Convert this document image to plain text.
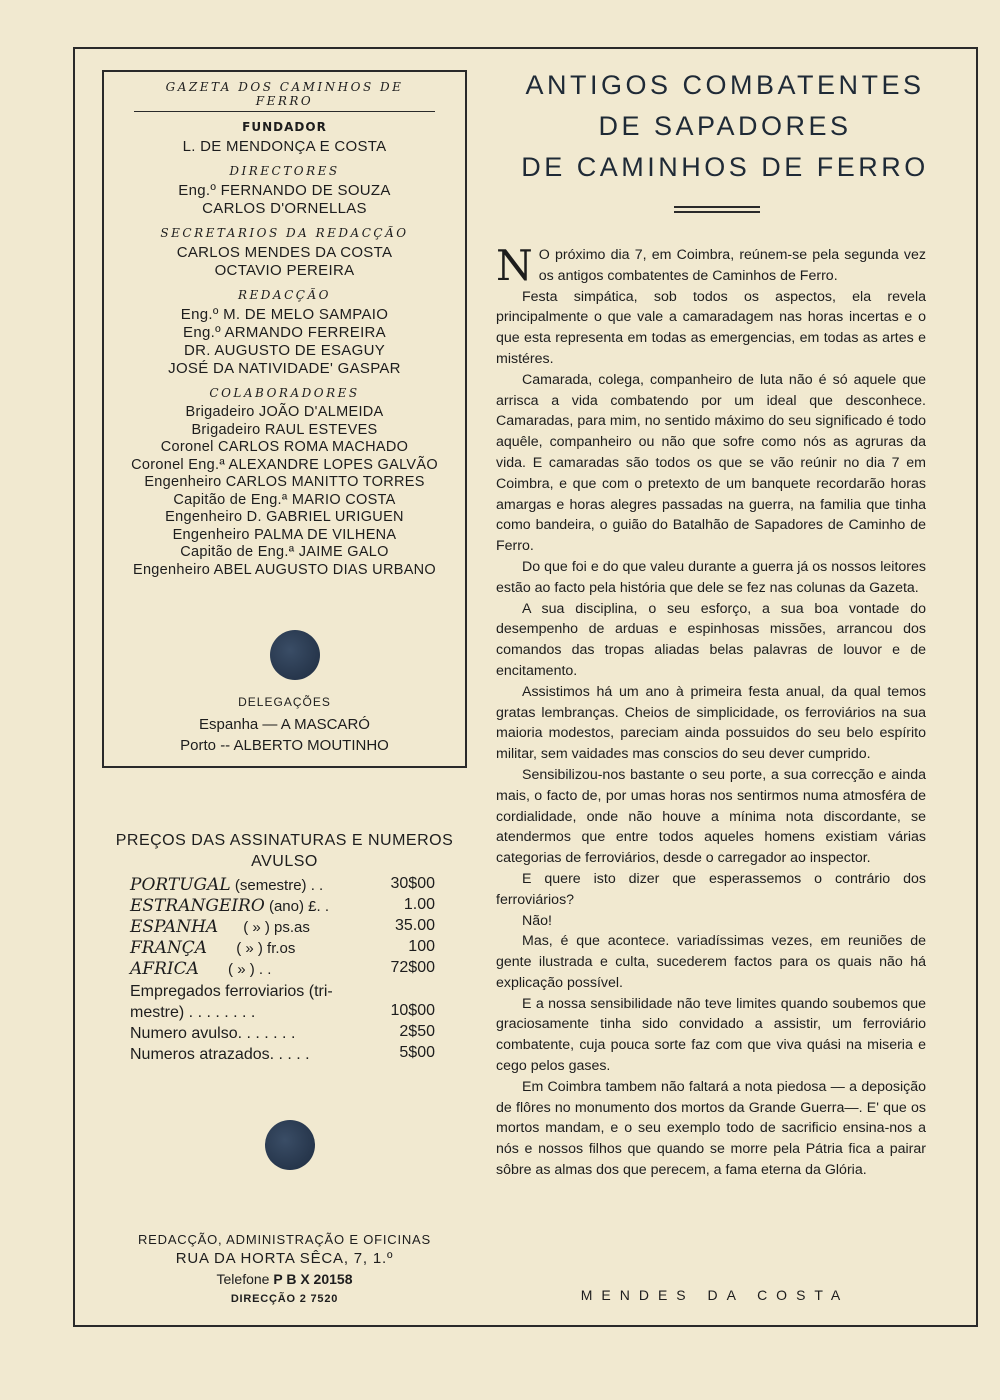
GAZETA DOS CAMINHOS DE FERRO
FUNDADOR
L. DE MENDONÇA E COSTA
DIRECTORES
Eng.º FERNANDO DE SOUZA
CARLOS D'ORNELLAS
SECRETARIOS DA REDACÇÃO
CARLOS MENDES DA COSTA
OCTAVIO PEREIRA
REDACÇÃO
Eng.º M. DE MELO SAMPAIO
Eng.º ARMANDO FERREIRA
DR. AUGUSTO DE ESAGUY
JOSÉ DA NATIVIDADE' GASPAR
COLABORADORES
Brigadeiro JOÃO D'ALMEIDA
Brigadeiro RAUL ESTEVES
Coronel CARLOS ROMA MACHADO
Coronel Eng.ª ALEXANDRE LOPES GALVÃO
Engenheiro CARLOS MANITTO TORRES
Capitão de Eng.ª MARIO COSTA
Engenheiro D. GABRIEL URIGUEN
Engenheiro PALMA DE VILHENA
Capitão de Eng.ª JAIME GALO
Engenheiro ABEL AUGUSTO DIAS URBANO
DELEGAÇÕES
Espanha — A MASCARÓ
Porto -- ALBERTO MOUTINHO
PREÇOS DAS ASSINATURAS E NUMEROS
AVULSO
PORTUGAL (semestre) . .	30$00
ESTRANGEIRO (ano) £. .	1.00
ESPANHA      ( » ) ps.as	35.00
FRANÇA       ( » ) fr.os	100
AFRICA       ( » ) . .	72$00
Empregados ferroviarios (tri-
mestre) . . . . . . . .	10$00
Numero avulso. . . . . . .	2$50
Numeros atrazados. . . . .	5$00
REDACÇÃO, ADMINISTRAÇÃO E OFICINAS
RUA DA HORTA SÊCA, 7, 1.º
Telefone P B X 20158
DIRECÇÃO 2 7520
ANTIGOS COMBATENTES
DE SAPADORES
DE CAMINHOS DE FERRO

N O próximo dia 7, em Coimbra, reúnem-se pela segunda vez os antigos combatentes de Caminhos de Ferro.

Festa simpática, sob todos os aspectos, ela revela principalmente o que vale a camaradagem nas horas incertas e o que esta representa em todas as emergencias, em todas as artes e mistéres.

Camarada, colega, companheiro de luta não é só aquele que arrisca a vida combatendo por um ideal que desconhece. Camaradas, para mim, no sentido máximo do seu significado é todo aquêle, companheiro ou não que sofre como nós as agruras da vida. E camaradas são todos os que se vão reúnir no dia 7 em Coimbra, e que com o pretexto de um banquete recordarão horas amargas e horas alegres passadas na guerra, na familia que tinha como bandeira, o guião do Batalhão de Sapadores de Caminho de Ferro.

Do que foi e do que valeu durante a guerra já os nossos leitores estão ao facto pela história que dele se fez nas colunas da Gazeta.

A sua disciplina, o seu esforço, a sua boa vontade do desempenho de arduas e espinhosas missões, arrancou dos comandos das tropas aliadas belas palavras de louvor e de encitamento.

Assistimos há um ano à primeira festa anual, da qual temos gratas lembranças. Cheios de simplicidade, os ferroviários na sua maioria modestos, pareciam ainda possuidos do seu belo espírito militar, sem vaidades mas conscios do seu dever cumprido.

Sensibilizou-nos bastante o seu porte, a sua correcção e ainda mais, o facto de, por umas horas nos sentirmos numa atmosféra de cordialidade, onde não houve a mínima nota discordante, se atendermos que entre todos aqueles homens existiam várias categorias de ferroviários, desde o carregador ao inspector.

E quere isto dizer que esperassemos o contrário dos ferroviários?

Não!

Mas, é que acontece. variadíssimas vezes, em reuniões de gente ilustrada e culta, sucederem factos para os quais não há explicação possível.

E a nossa sensibilidade não teve limites quando soubemos que graciosamente tinha sido convidado a assistir, um ferroviário combatente, cuja pouca sorte faz com que viva quási na miseria e cego pelos gases.

Em Coimbra tambem não faltará a nota piedosa — a deposição de flôres no monumento dos mortos da Grande Guerra—. E' que os mortos mandam, e o seu exemplo todo de sacrificio ensina-nos a nós e nossos filhos que quando se morre pela Pátria fica a pairar sôbre as almas dos que perecem, a fama eterna da Glória.

MENDES DA COSTA
